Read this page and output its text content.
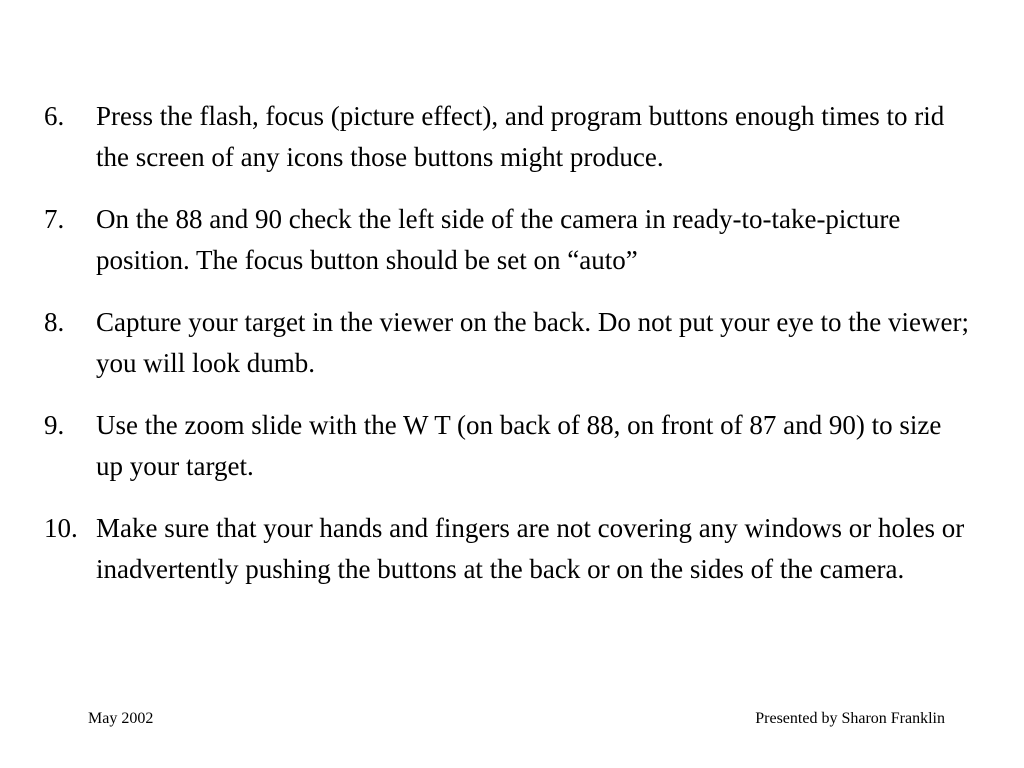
6. Press the flash, focus (picture effect), and program buttons enough times to rid the screen of any icons those buttons might produce.
7. On the 88 and 90 check the left side of the camera in ready-to-take-picture position. The focus button should be set on “auto”
8. Capture your target in the viewer on the back. Do not put your eye to the viewer; you will look dumb.
9. Use the zoom slide with the W T (on back of 88, on front of 87 and 90) to size up your target.
10. Make sure that your hands and fingers are not covering any windows or holes or inadvertently pushing the buttons at the back or on the sides of the camera.
May 2002	Presented by Sharon Franklin
